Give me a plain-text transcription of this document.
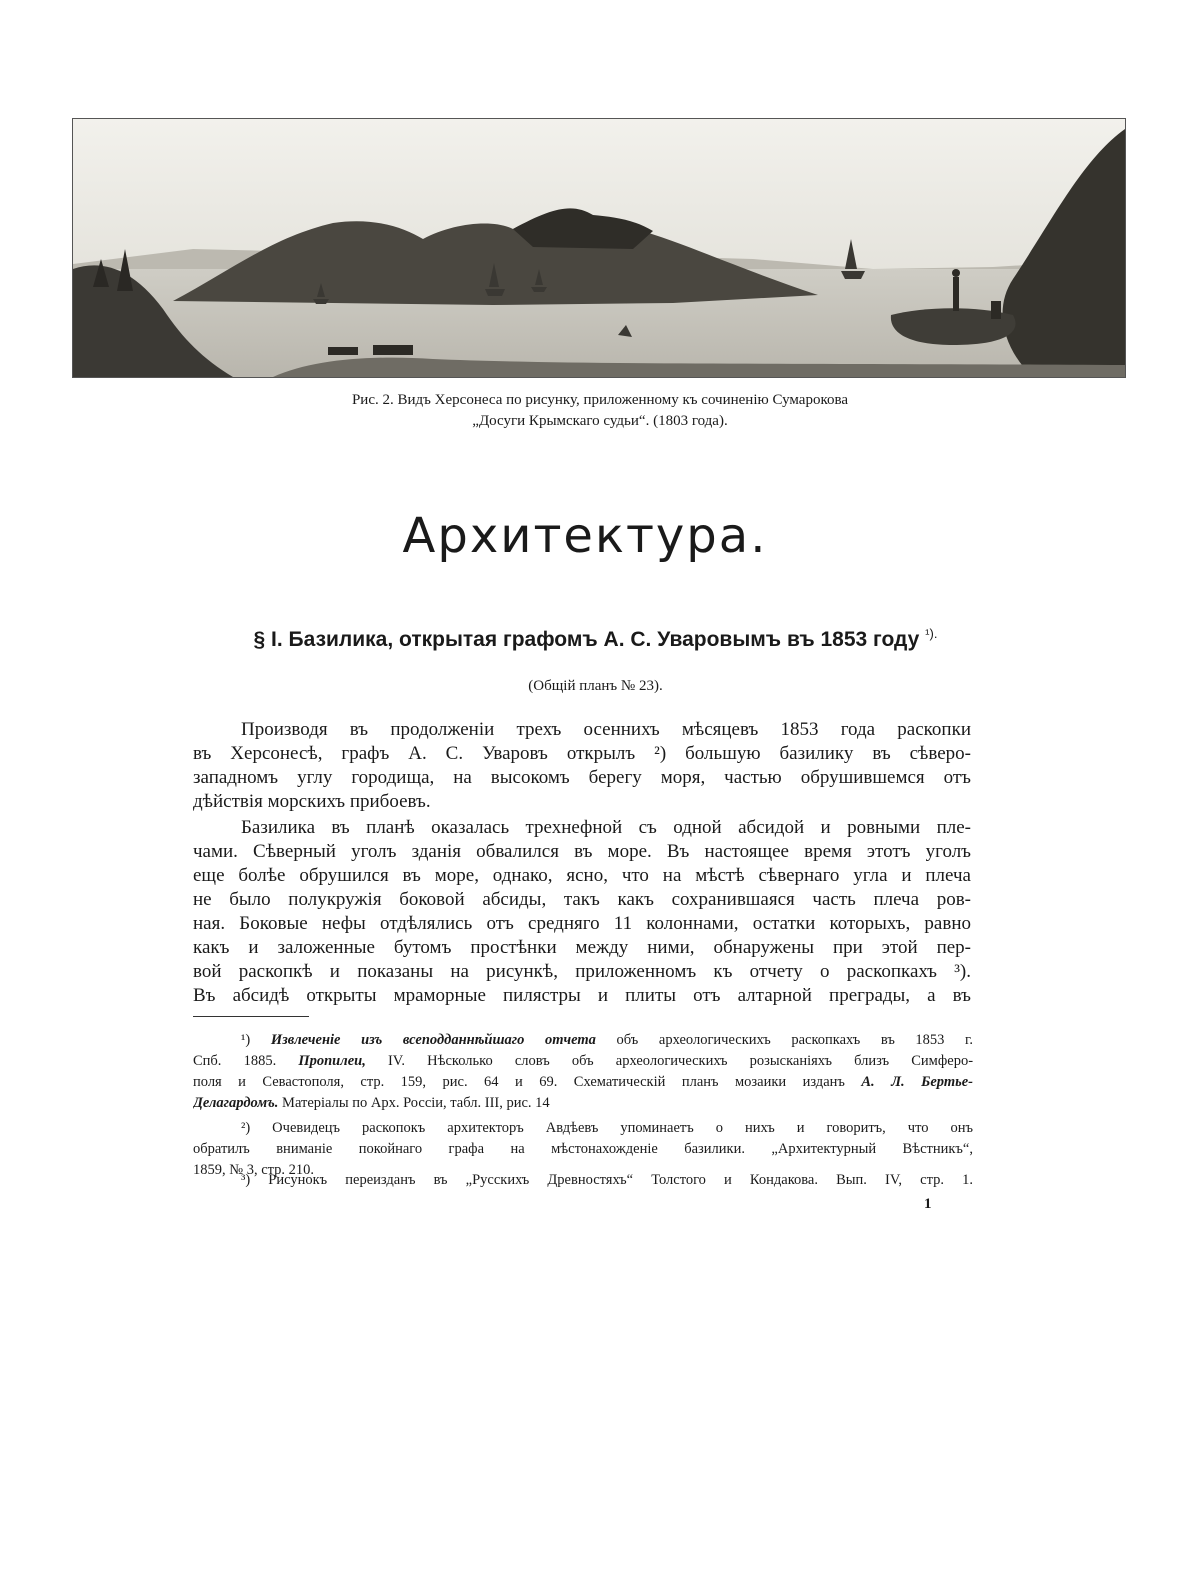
Рис. 2. Видъ Херсонеса по рисунку, приложенному къ сочиненію Сумарокова
„Досуги Крымскаго судьи“. (1803 года).
Архитектура.
§ I. Базилика, открытая графомъ А. С. Уваровымъ въ 1853 году $^{^1).}$
(Общій планъ № 23).
Производя въ продолженіи трехъ осеннихъ мѣсяцевъ 1853 года раскопки
въ Херсонесѣ, графъ А. С. Уваровъ открылъ ²) большую базилику въ сѣверо-
западномъ углу городища, на высокомъ берегу моря, частью обрушившемся отъ
дѣйствія морскихъ прибоевъ.
Базилика въ планѣ оказалась трехнефной съ одной абсидой и ровными пле-
чами. Сѣверный уголъ зданія обвалился въ море. Въ настоящее время этотъ уголъ
еще болѣе обрушился въ море, однако, ясно, что на мѣстѣ сѣвернаго угла и плеча
не было полукружія боковой абсиды, такъ какъ сохранившаяся часть плеча ров-
ная. Боковые нефы отдѣлялись отъ средняго 11 колоннами, остатки которыхъ, равно
какъ и заложенные бутомъ простѣнки между ними, обнаружены при этой пер-
вой раскопкѣ и показаны на рисункѣ, приложенномъ къ отчету о раскопкахъ ³).
Въ абсидѣ открыты мраморные пилястры и плиты отъ алтарной преграды, а въ
¹) Извлеченіе изъ всеподданнѣйшаго отчета объ археологическихъ раскопкахъ въ 1853 г.
Спб. 1885. Пропилеи, IV. Нѣсколько словъ объ археологическихъ розысканіяхъ близъ Симферо-
поля и Севастополя, стр. 159, рис. 64 и 69. Схематическій планъ мозаики изданъ А. Л. Бертье-
Делагардомъ. Матеріалы по Арх. Россіи, табл. III, рис. 14
²) Очевидецъ раскопокъ архитекторъ Авдѣевъ упоминаетъ о нихъ и говоритъ, что онъ
обратилъ вниманіе покойнаго графа на мѣстонахожденіе базилики. „Архитектурный Вѣстникъ“,
1859, № 3, стр. 210.
³) Рисунокъ переизданъ въ „Русскихъ Древностяхъ“ Толстого и Кондакова. Вып. IV, стр. 1.
1
